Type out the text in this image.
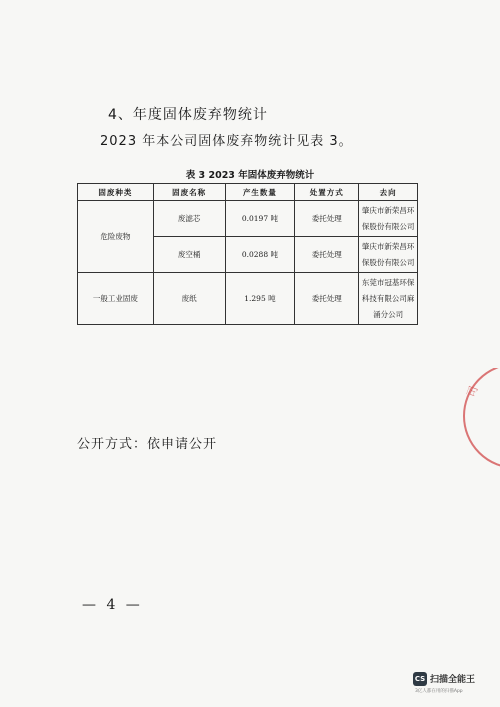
4、年度固体废弃物统计
2023 年本公司固体废弃物统计见表 3。
表 3 2023 年固体废弃物统计
固废种类	固废名称	产生数量	处置方式	去向
危险废物	废滤芯	0.0197 吨	委托处理	肇庆市新荣昌环保股份有限公司
	废空桶	0.0288 吨	委托处理	肇庆市新荣昌环保股份有限公司
一般工业固废	废纸	1.295 吨	委托处理	东莞市冠基环保科技有限公司麻涌分公司
公开方式：依申请公开
— 4 —
司
CS 扫描全能王
3亿人都在用的扫描App
